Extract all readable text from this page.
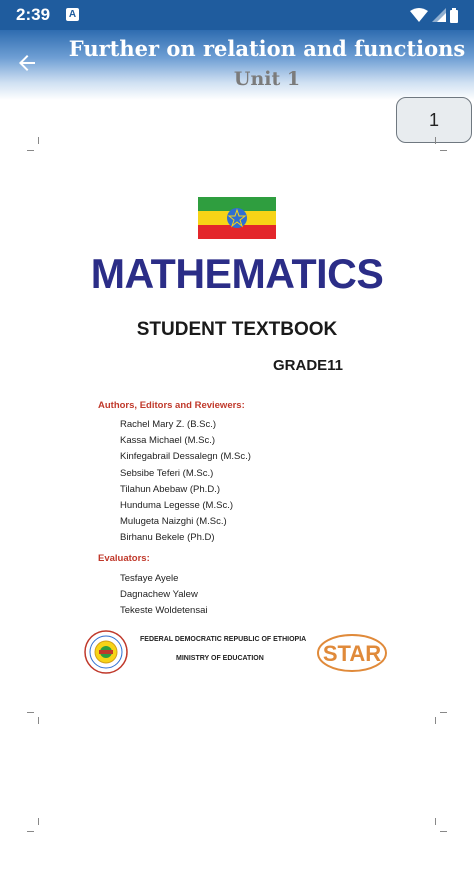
2:39 A
Further on relation and functions
Unit 1
1
MATHEMATICS
STUDENT TEXTBOOK
GRADE11
Authors, Editors and Reviewers:
Rachel Mary Z. (B.Sc.)
Kassa Michael (M.Sc.)
Kinfegabrail Dessalegn (M.Sc.)
Sebsibe Teferi (M.Sc.)
Tilahun Abebaw (Ph.D.)
Hunduma Legesse (M.Sc.)
Mulugeta Naizghi (M.Sc.)
Birhanu Bekele (Ph.D)
Evaluators:
Tesfaye Ayele
Dagnachew Yalew
Tekeste Woldetensai
FEDERAL DEMOCRATIC REPUBLIC OF ETHIOPIA
MINISTRY OF EDUCATION	STAR
